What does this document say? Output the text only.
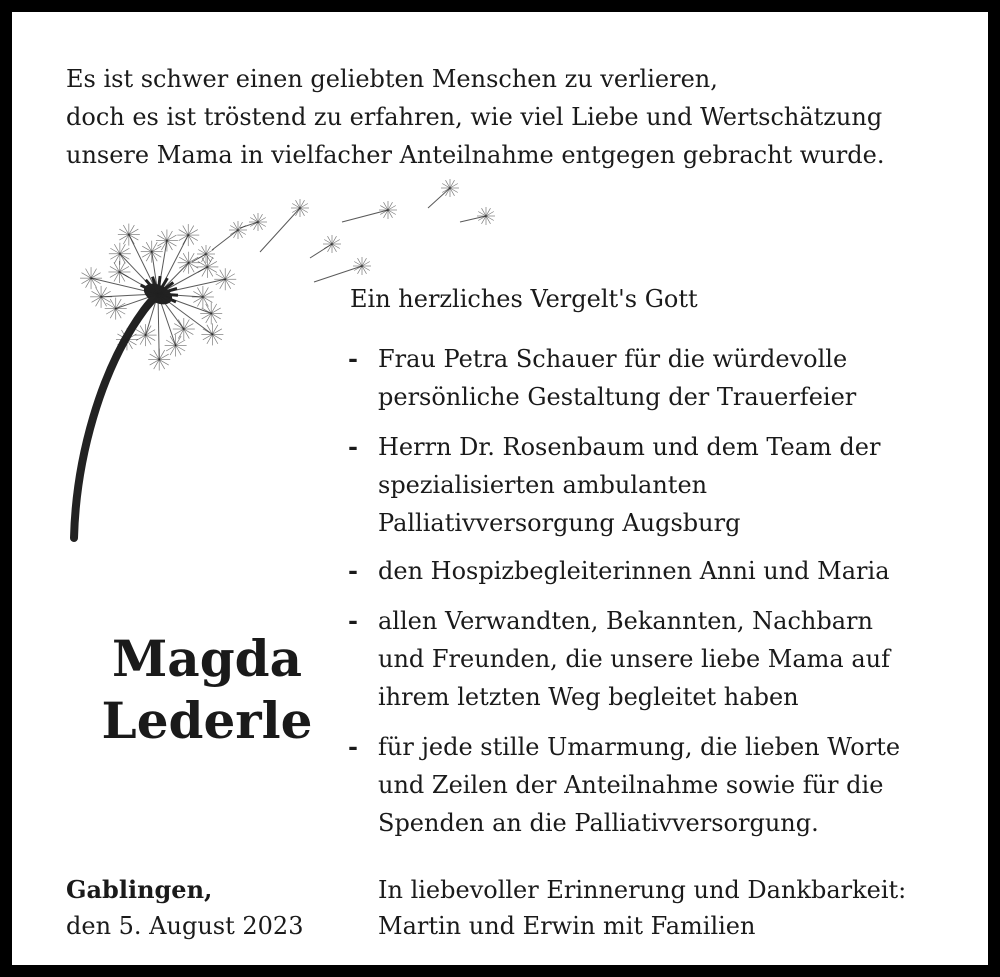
Es ist schwer einen geliebten Menschen zu verlieren,
doch es ist tröstend zu erfahren, wie viel Liebe und Wertschätzung
unsere Mama in vielfacher Anteilnahme entgegen gebracht wurde.
Ein herzliches Vergelt's Gott
- Frau Petra Schauer für die würdevolle
persönliche Gestaltung der Trauerfeier
- Herrn Dr. Rosenbaum und dem Team der
spezialisierten ambulanten
Palliativversorgung Augsburg
- den Hospizbegleiterinnen Anni und Maria
- allen Verwandten, Bekannten, Nachbarn
und Freunden, die unsere liebe Mama auf
ihrem letzten Weg begleitet haben
- für jede stille Umarmung, die lieben Worte
und Zeilen der Anteilnahme sowie für die
Spenden an die Palliativversorgung.
Magda
Lederle
Gablingen,
den 5. August 2023
In liebevoller Erinnerung und Dankbarkeit:
Martin und Erwin mit Familien
